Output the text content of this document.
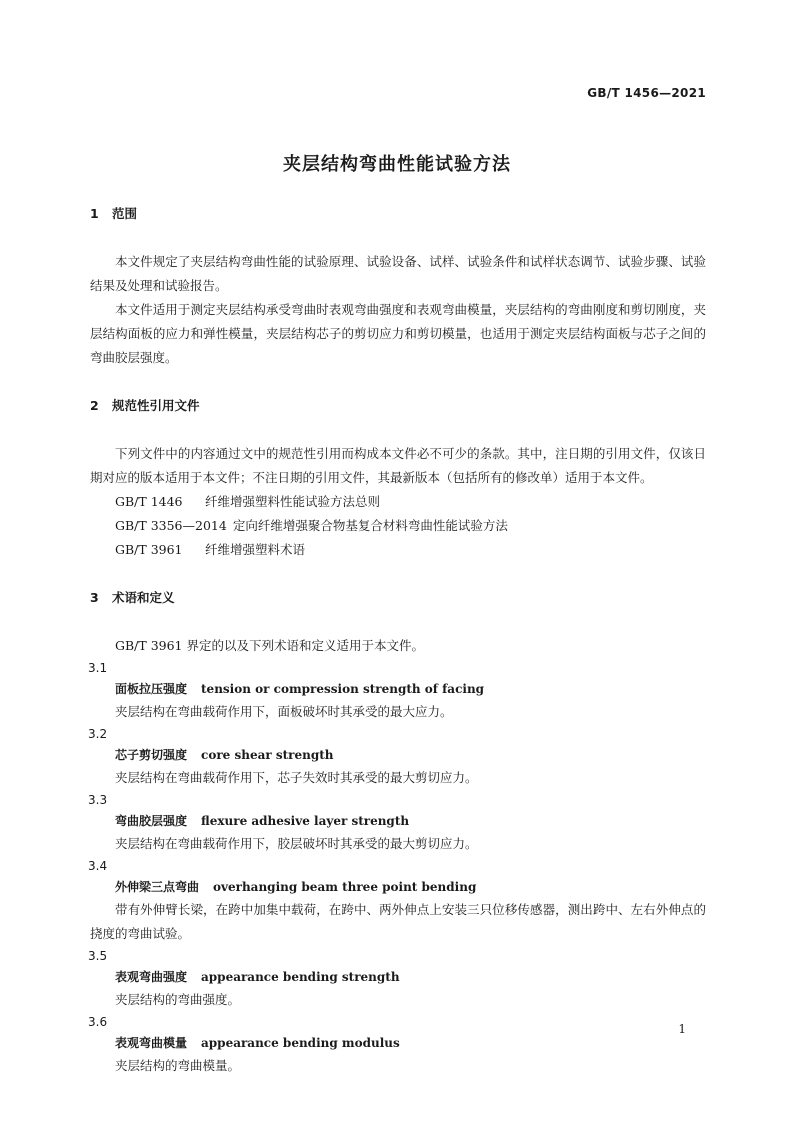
GB/T 1456—2021
夹层结构弯曲性能试验方法
1 范围

本文件规定了夹层结构弯曲性能的试验原理、试验设备、试样、试验条件和试样状态调节、试验步骤、试验结果及处理和试验报告。

本文件适用于测定夹层结构承受弯曲时表观弯曲强度和表观弯曲模量，夹层结构的弯曲刚度和剪切刚度，夹层结构面板的应力和弹性模量，夹层结构芯子的剪切应力和剪切模量，也适用于测定夹层结构面板与芯子之间的弯曲胶层强度。

2 规范性引用文件

下列文件中的内容通过文中的规范性引用而构成本文件必不可少的条款。其中，注日期的引用文件，仅该日期对应的版本适用于本文件；不注日期的引用文件，其最新版本（包括所有的修改单）适用于本文件。

GB/T 1446 纤维增强塑料性能试验方法总则
GB/T 3356—2014 定向纤维增强聚合物基复合材料弯曲性能试验方法
GB/T 3961 纤维增强塑料术语
3 术语和定义

GB/T 3961 界定的以及下列术语和定义适用于本文件。

3.1
面板拉压强度 tension or compression strength of facing

夹层结构在弯曲载荷作用下，面板破坏时其承受的最大应力。

3.2
芯子剪切强度 core shear strength

夹层结构在弯曲载荷作用下，芯子失效时其承受的最大剪切应力。

3.3
弯曲胶层强度 flexure adhesive layer strength

夹层结构在弯曲载荷作用下，胶层破坏时其承受的最大剪切应力。

3.4
外伸梁三点弯曲 overhanging beam three point bending

带有外伸臂长梁，在跨中加集中载荷，在跨中、两外伸点上安装三只位移传感器，测出跨中、左右外伸点的挠度的弯曲试验。

3.5
表观弯曲强度 appearance bending strength

夹层结构的弯曲强度。

3.6
表观弯曲模量 appearance bending modulus

夹层结构的弯曲模量。

1
